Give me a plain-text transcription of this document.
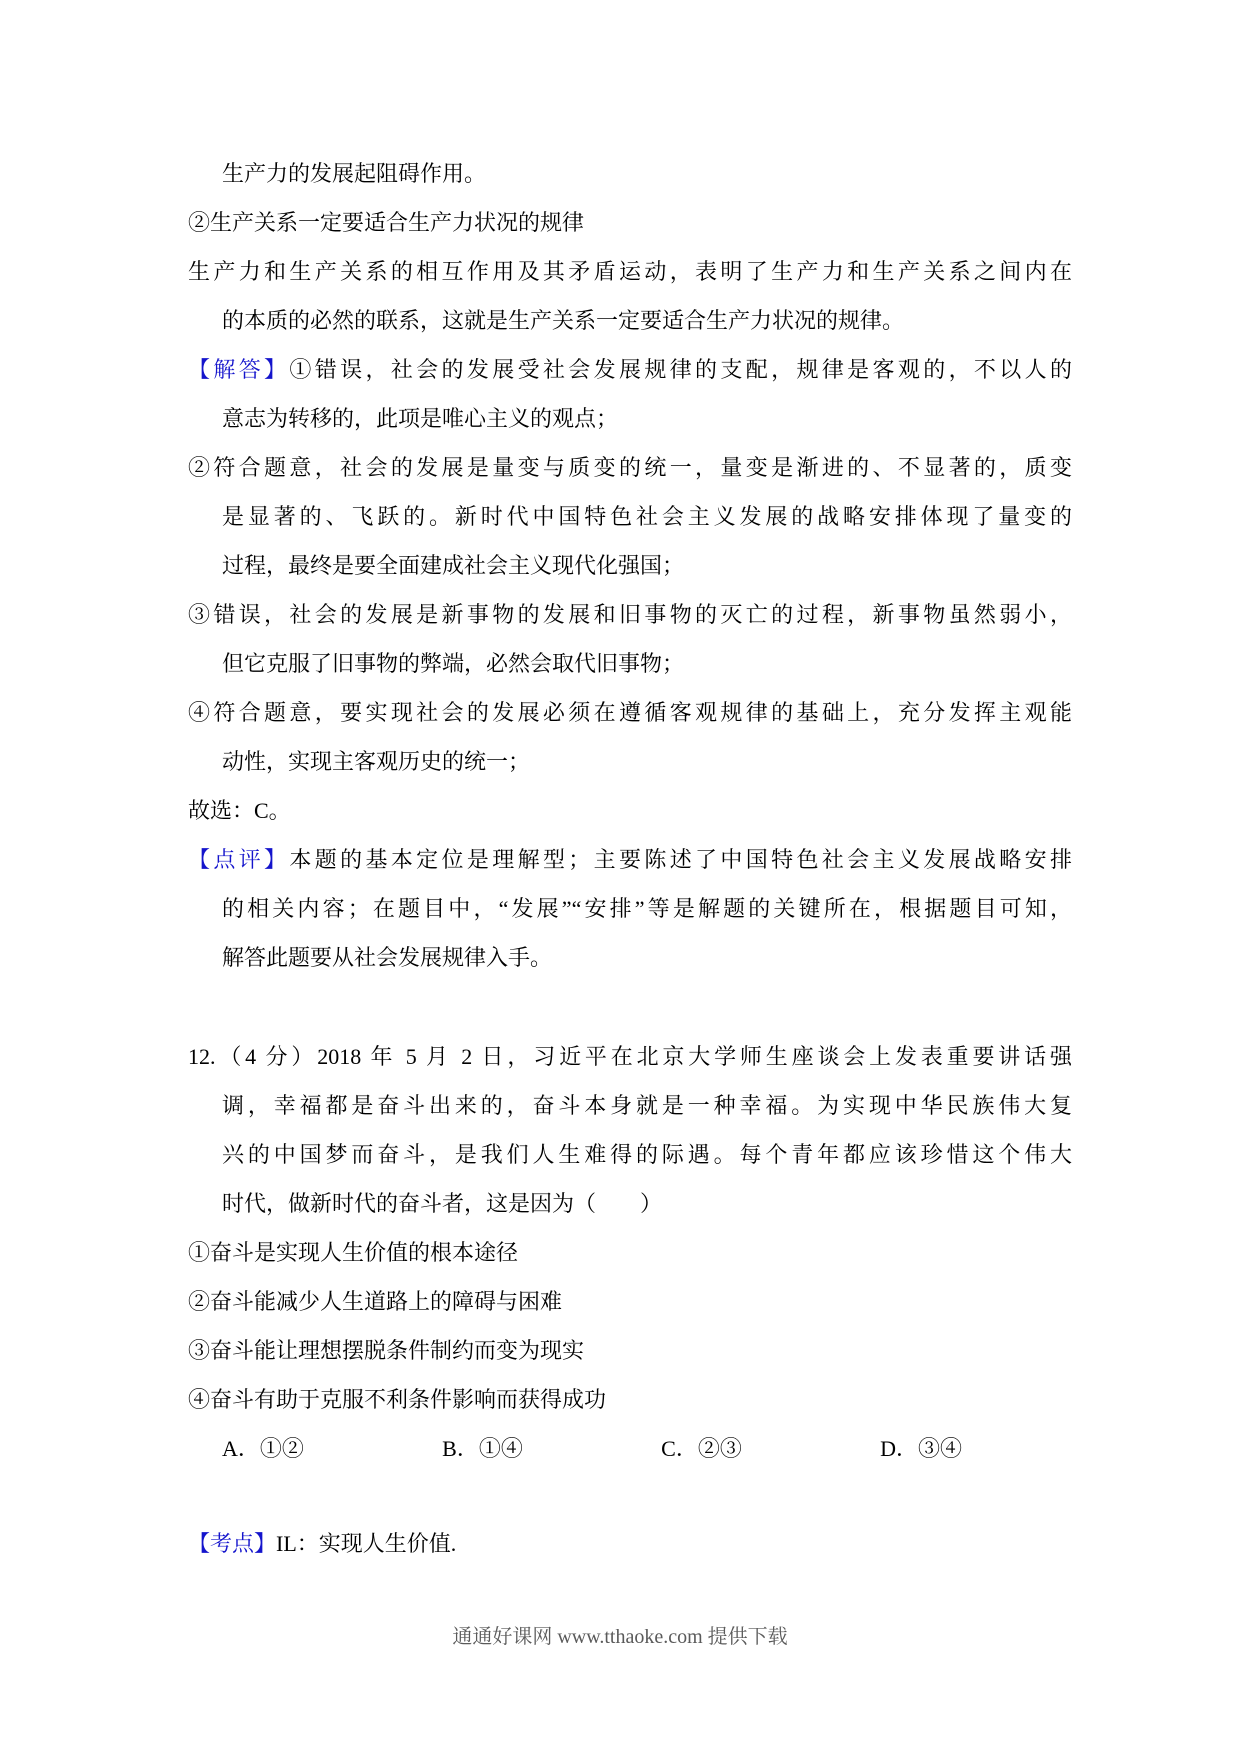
生产力的发展起阻碍作用。
②生产关系一定要适合生产力状况的规律
生产力和生产关系的相互作用及其矛盾运动，表明了生产力和生产关系之间内在
的本质的必然的联系，这就是生产关系一定要适合生产力状况的规律。
【解答】①错误，社会的发展受社会发展规律的支配，规律是客观的，不以人的
意志为转移的，此项是唯心主义的观点；
②符合题意，社会的发展是量变与质变的统一，量变是渐进的、不显著的，质变
是显著的、飞跃的。新时代中国特色社会主义发展的战略安排体现了量变的
过程，最终是要全面建成社会主义现代化强国；
③错误，社会的发展是新事物的发展和旧事物的灭亡的过程，新事物虽然弱小，
但它克服了旧事物的弊端，必然会取代旧事物；
④符合题意，要实现社会的发展必须在遵循客观规律的基础上，充分发挥主观能
动性，实现主客观历史的统一；
故选：C。
【点评】本题的基本定位是理解型；主要陈述了中国特色社会主义发展战略安排
的相关内容；在题目中，“发展”“安排”等是解题的关键所在，根据题目可知，
解答此题要从社会发展规律入手。
12.（4 分）2018 年 5 月 2 日，习近平在北京大学师生座谈会上发表重要讲话强
调，幸福都是奋斗出来的，奋斗本身就是一种幸福。为实现中华民族伟大复
兴的中国梦而奋斗，是我们人生难得的际遇。每个青年都应该珍惜这个伟大
时代，做新时代的奋斗者，这是因为（　　）
①奋斗是实现人生价值的根本途径
②奋斗能减少人生道路上的障碍与困难
③奋斗能让理想摆脱条件制约而变为现实
④奋斗有助于克服不利条件影响而获得成功
A．①②	B．①④	C．②③	D．③④
【考点】IL：实现人生价值.
通通好课网 www.tthaoke.com 提供下载
